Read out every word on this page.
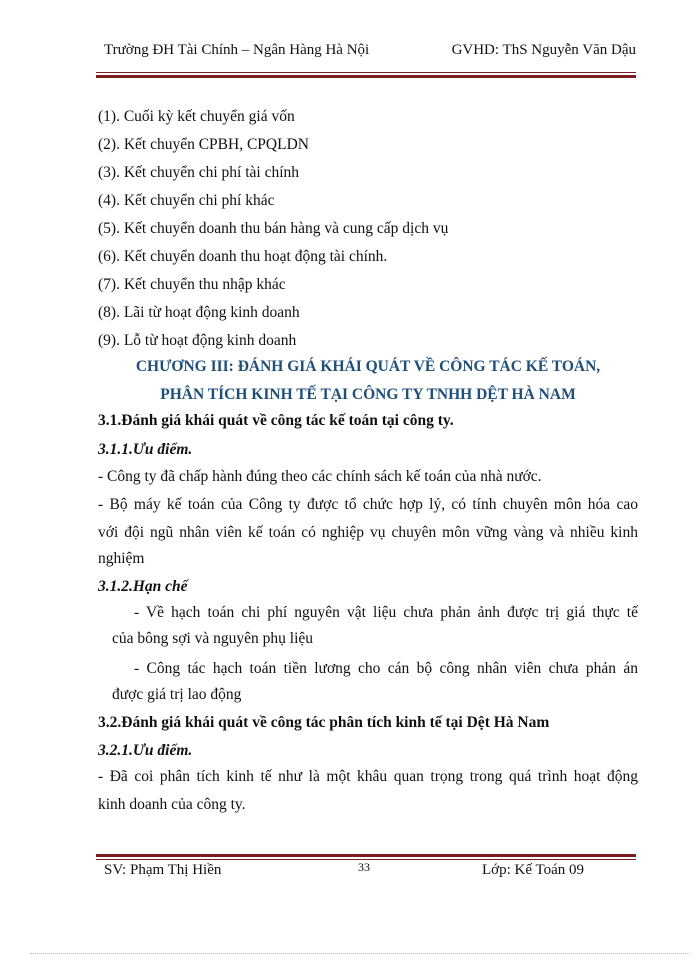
Trường ĐH Tài Chính – Ngân Hàng Hà Nội	GVHD: ThS Nguyễn Văn Dậu
(1). Cuối kỳ kết chuyển giá vốn
(2). Kết chuyển CPBH, CPQLDN
(3). Kết chuyển chi phí tài chính
(4). Kết chuyển chi phí khác
(5). Kết chuyển doanh thu bán hàng và cung cấp dịch vụ
(6). Kết chuyển doanh thu hoạt động tài chính.
(7). Kết chuyển thu nhập khác
(8). Lãi từ hoạt động kinh doanh
(9). Lỗ từ hoạt động kinh doanh
CHƯƠNG III: ĐÁNH GIÁ KHÁI QUÁT VỀ CÔNG TÁC KẾ TOÁN,
PHÂN TÍCH KINH TẾ TẠI CÔNG TY TNHH DỆT HÀ NAM
3.1.Đánh giá khái quát về công tác kế toán tại công ty.
3.1.1.Ưu điểm.
- Công ty đã chấp hành đúng theo các chính sách kế toán của nhà nước.
- Bộ máy kế toán của Công ty được tổ chức hợp lý, có tính chuyên môn hóa cao
với đội ngũ nhân viên kế toán có nghiệp vụ chuyên môn vững vàng và nhiều kinh
nghiệm
3.1.2.Hạn chế
- Về hạch toán chi phí nguyên vật liệu chưa phản ảnh được trị giá thực tế
của bông sợi và nguyên phụ liệu
- Công tác hạch toán tiền lương cho cán bộ công nhân viên chưa phản án
được giá trị lao động
3.2.Đánh giá khái quát về công tác phân tích kinh tế tại Dệt Hà Nam
3.2.1.Ưu điểm.
- Đã coi phân tích kinh tế như là một khâu quan trọng trong quá trình hoạt động
kinh doanh của công ty.
33
SV: Phạm Thị Hiền	Lớp: Kế Toán 09
